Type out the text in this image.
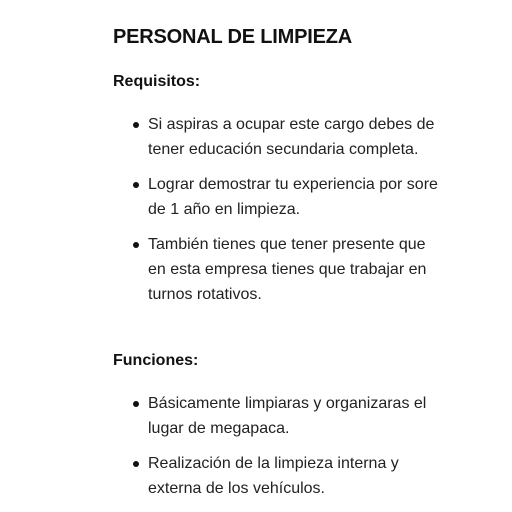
PERSONAL DE LIMPIEZA
Requisitos:
Si aspiras a ocupar este cargo debes de tener educación secundaria completa.
Lograr demostrar tu experiencia por sore de 1 año en limpieza.
También tienes que tener presente que en esta empresa tienes que trabajar en turnos rotativos.
Funciones:
Básicamente limpiaras y organizaras el lugar de megapaca.
Realización de la limpieza interna y externa de los vehículos.
